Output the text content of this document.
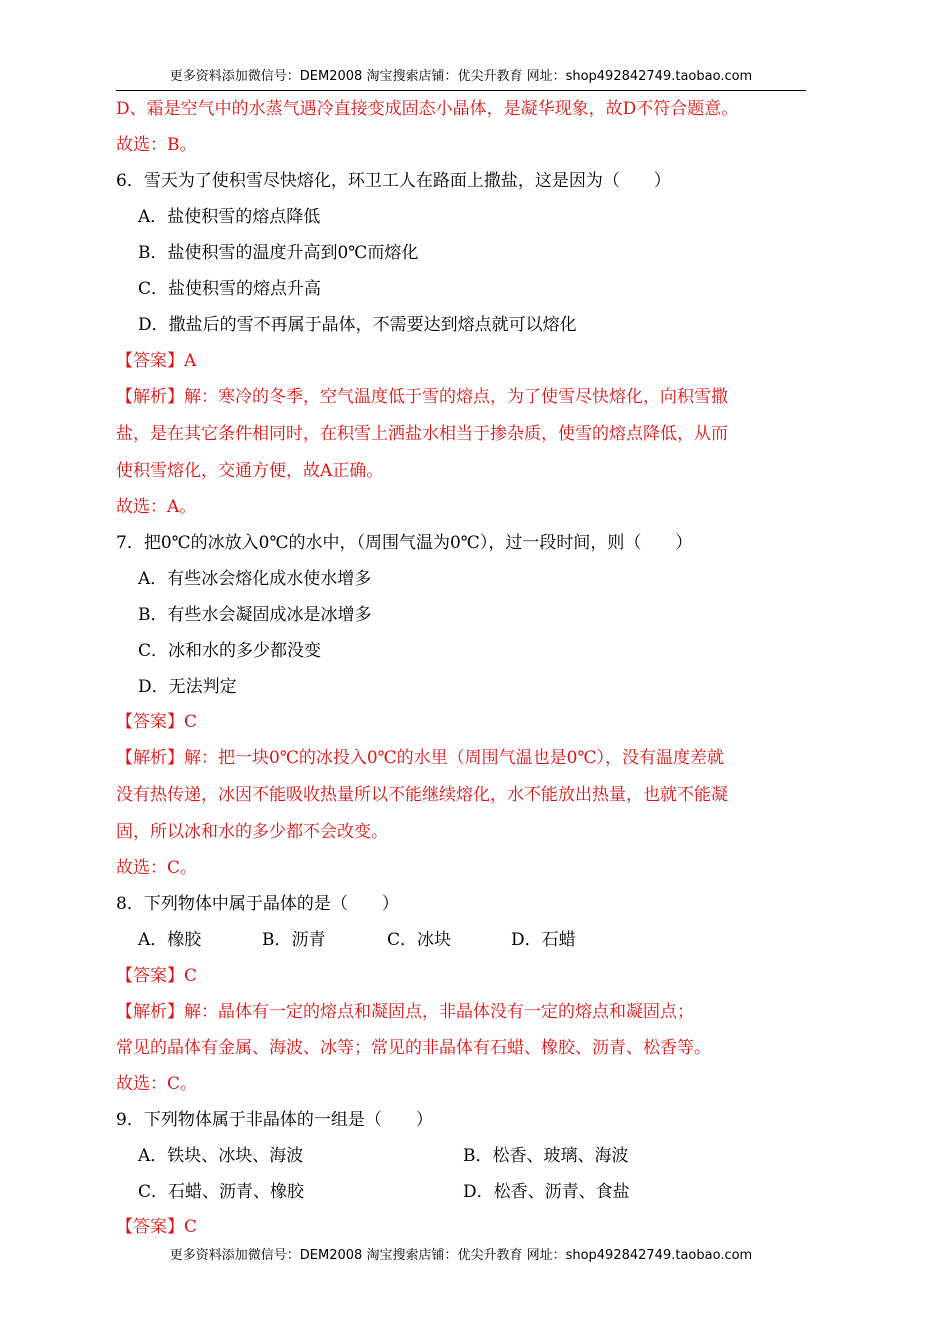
更多资料添加微信号：DEM2008 淘宝搜索店铺：优尖升教育 网址：shop492842749.taobao.com
D、霜是空气中的水蒸气遇冷直接变成固态小晶体，是凝华现象，故D不符合题意。
故选：B。
6．雪天为了使积雪尽快熔化，环卫工人在路面上撒盐，这是因为（　　）
A．盐使积雪的熔点降低
B．盐使积雪的温度升高到0℃而熔化
C．盐使积雪的熔点升高
D．撒盐后的雪不再属于晶体，不需要达到熔点就可以熔化
【答案】A
【解析】解：寒冷的冬季，空气温度低于雪的熔点，为了使雪尽快熔化，向积雪撒
盐，是在其它条件相同时，在积雪上洒盐水相当于掺杂质，使雪的熔点降低，从而
使积雪熔化，交通方便，故A正确。
故选：A。
7．把0℃的冰放入0℃的水中，（周围气温为0℃），过一段时间，则（　　）
A．有些冰会熔化成水使水增多
B．有些水会凝固成冰是冰增多
C．冰和水的多少都没变
D．无法判定
【答案】C
【解析】解：把一块0℃的冰投入0℃的水里（周围气温也是0℃），没有温度差就
没有热传递，冰因不能吸收热量所以不能继续熔化，水不能放出热量，也就不能凝
固，所以冰和水的多少都不会改变。
故选：C。
8．下列物体中属于晶体的是（　　）
A．橡胶	B．沥青	C．冰块	D．石蜡
【答案】C
【解析】解：晶体有一定的熔点和凝固点，非晶体没有一定的熔点和凝固点；
常见的晶体有金属、海波、冰等；常见的非晶体有石蜡、橡胶、沥青、松香等。
故选：C。
9．下列物体属于非晶体的一组是（　　）
A．铁块、冰块、海波	B．松香、玻璃、海波
C．石蜡、沥青、橡胶	D．松香、沥青、食盐
【答案】C
更多资料添加微信号：DEM2008 淘宝搜索店铺：优尖升教育 网址：shop492842749.taobao.com
